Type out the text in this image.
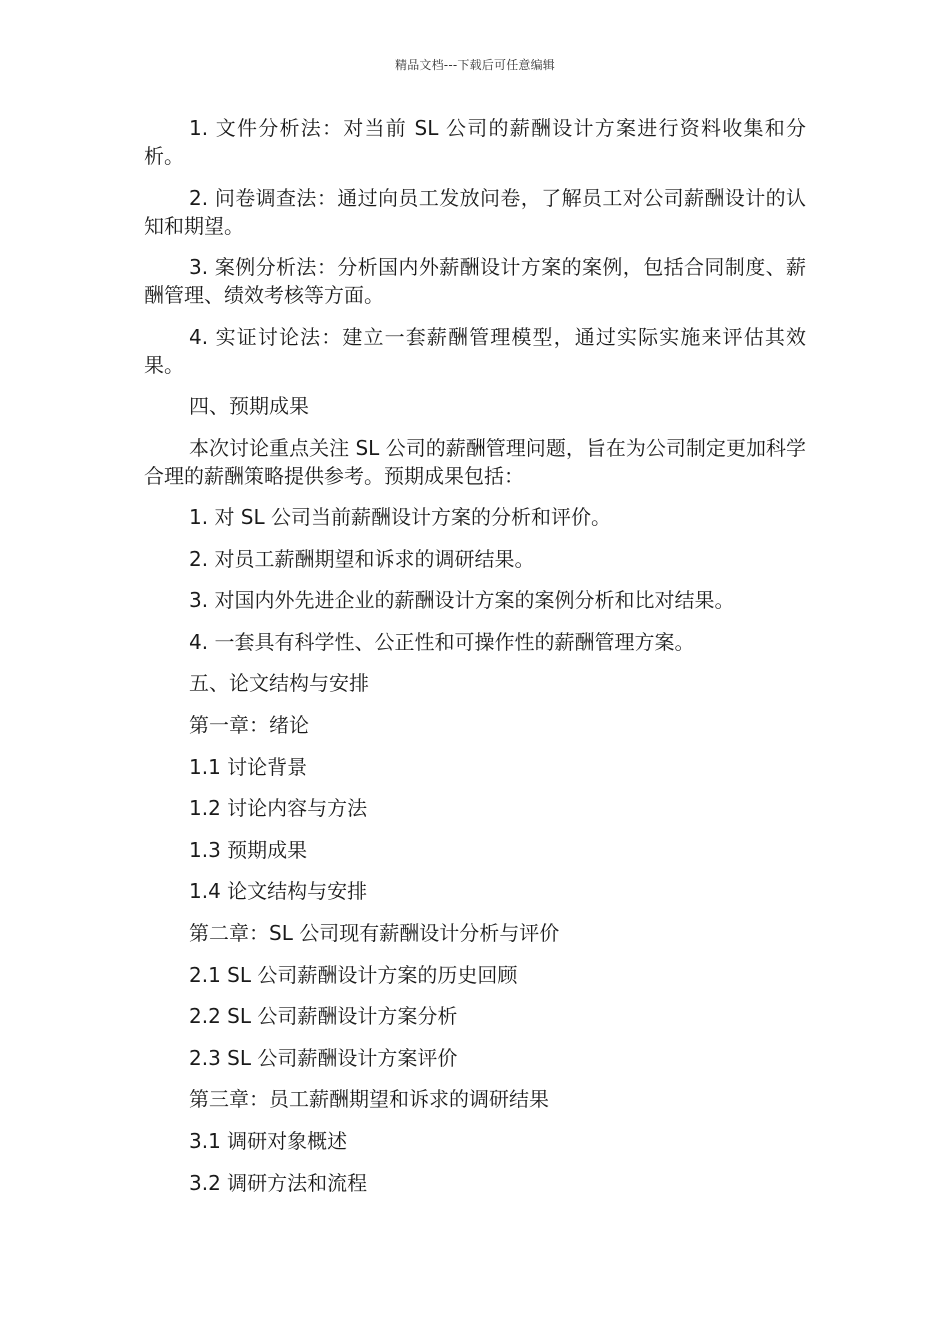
精品文档---下载后可任意编辑

1. 文件分析法：对当前 SL 公司的薪酬设计方案进行资料收集和分析。

2. 问卷调查法：通过向员工发放问卷，了解员工对公司薪酬设计的认知和期望。

3. 案例分析法：分析国内外薪酬设计方案的案例，包括合同制度、薪酬管理、绩效考核等方面。

4. 实证讨论法：建立一套薪酬管理模型，通过实际实施来评估其效果。

四、预期成果

本次讨论重点关注 SL 公司的薪酬管理问题，旨在为公司制定更加科学合理的薪酬策略提供参考。预期成果包括：

1. 对 SL 公司当前薪酬设计方案的分析和评价。
2. 对员工薪酬期望和诉求的调研结果。
3. 对国内外先进企业的薪酬设计方案的案例分析和比对结果。
4. 一套具有科学性、公正性和可操作性的薪酬管理方案。
五、论文结构与安排
第一章：绪论
1.1 讨论背景
1.2 讨论内容与方法
1.3 预期成果
1.4 论文结构与安排
第二章：SL 公司现有薪酬设计分析与评价
2.1 SL 公司薪酬设计方案的历史回顾
2.2 SL 公司薪酬设计方案分析
2.3 SL 公司薪酬设计方案评价
第三章：员工薪酬期望和诉求的调研结果
3.1 调研对象概述
3.2 调研方法和流程
